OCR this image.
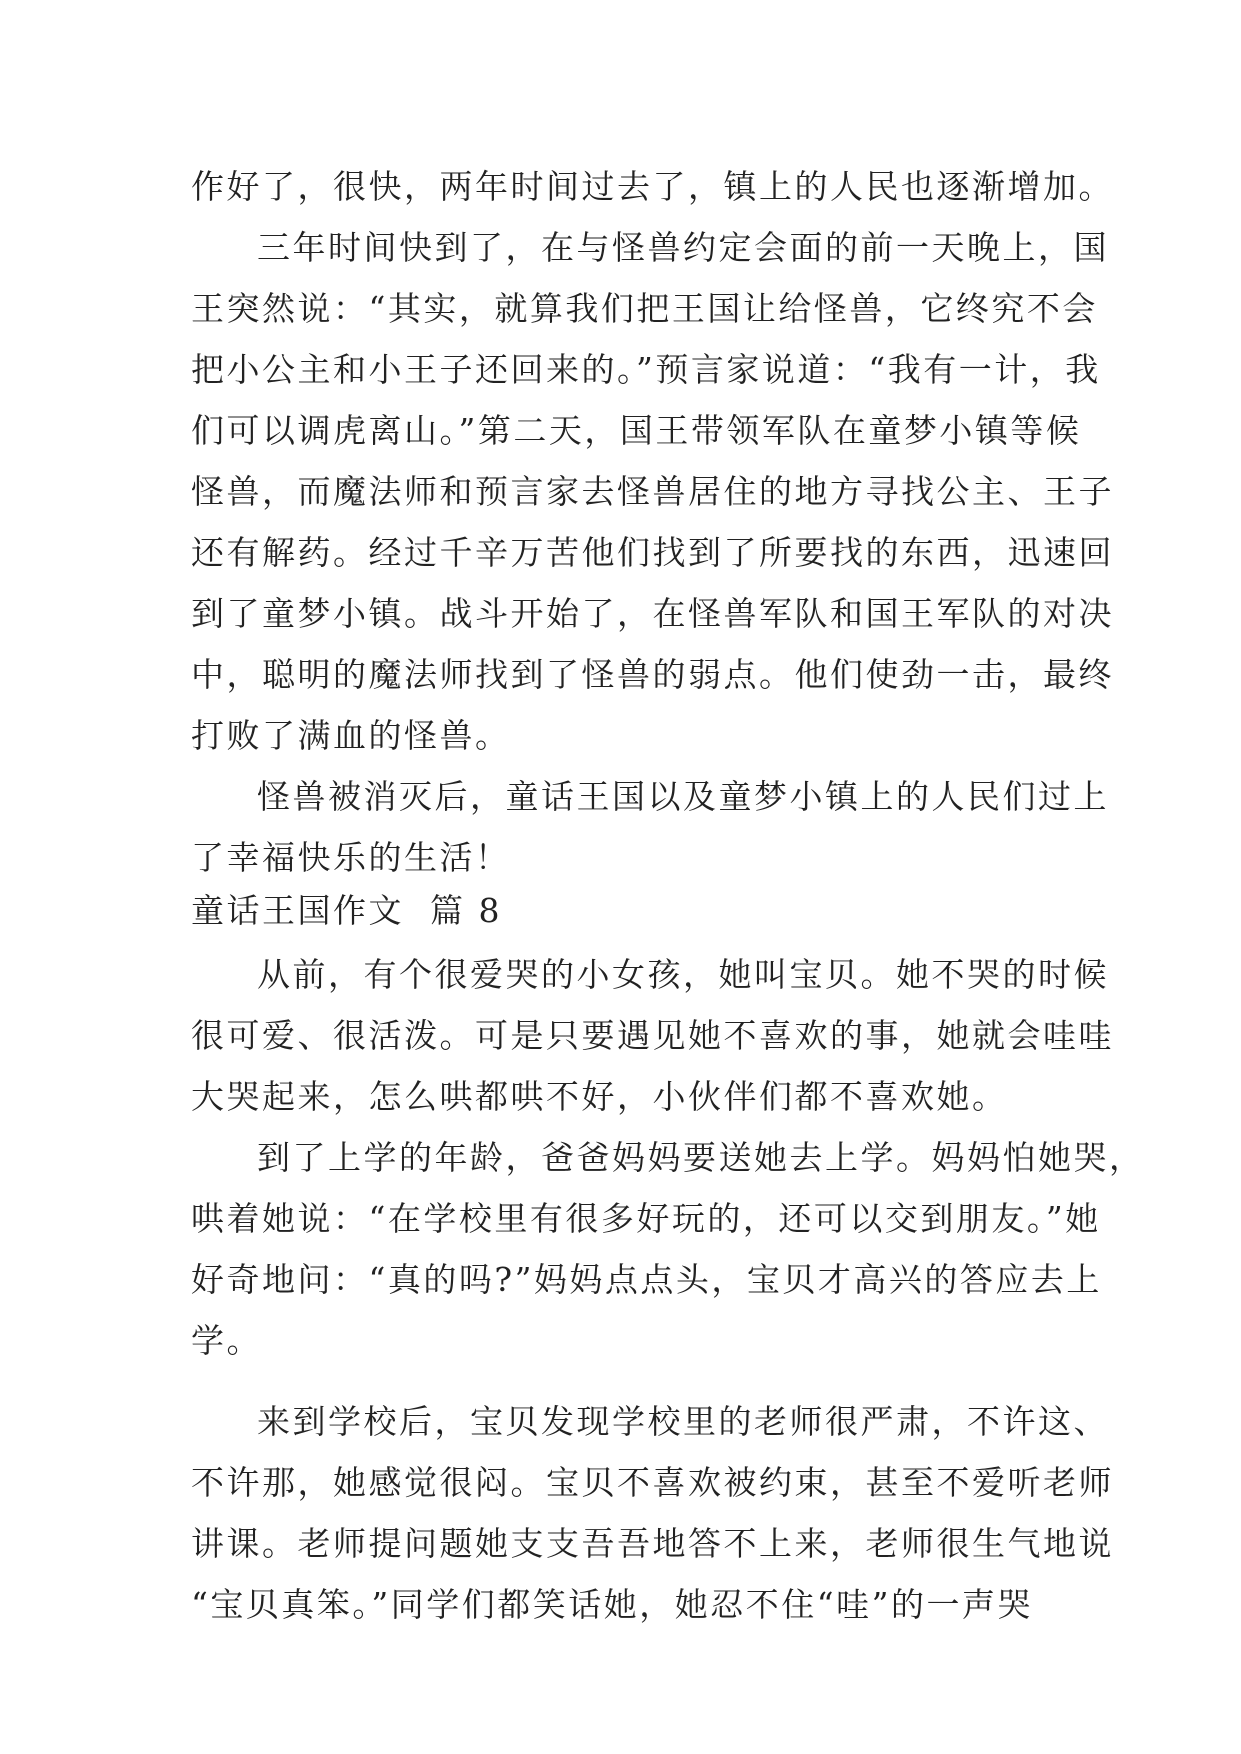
作好了，很快，两年时间过去了，镇上的人民也逐渐增加。
三年时间快到了，在与怪兽约定会面的前一天晚上，国
王突然说：“其实，就算我们把王国让给怪兽，它终究不会
把小公主和小王子还回来的。”预言家说道：“我有一计，我
们可以调虎离山。”第二天，国王带领军队在童梦小镇等候
怪兽，而魔法师和预言家去怪兽居住的地方寻找公主、王子
还有解药。经过千辛万苦他们找到了所要找的东西，迅速回
到了童梦小镇。战斗开始了，在怪兽军队和国王军队的对决
中，聪明的魔法师找到了怪兽的弱点。他们使劲一击，最终
打败了满血的怪兽。
怪兽被消灭后，童话王国以及童梦小镇上的人民们过上
了幸福快乐的生活！
童话王国作文  篇 8
从前，有个很爱哭的小女孩，她叫宝贝。她不哭的时候
很可爱、很活泼。可是只要遇见她不喜欢的事，她就会哇哇
大哭起来，怎么哄都哄不好，小伙伴们都不喜欢她。
到了上学的年龄，爸爸妈妈要送她去上学。妈妈怕她哭，
哄着她说：“在学校里有很多好玩的，还可以交到朋友。”她
好奇地问：“真的吗?”妈妈点点头，宝贝才高兴的答应去上
学。
来到学校后，宝贝发现学校里的老师很严肃，不许这、
不许那，她感觉很闷。宝贝不喜欢被约束，甚至不爱听老师
讲课。老师提问题她支支吾吾地答不上来，老师很生气地说
“宝贝真笨。”同学们都笑话她，她忍不住“哇”的一声哭
